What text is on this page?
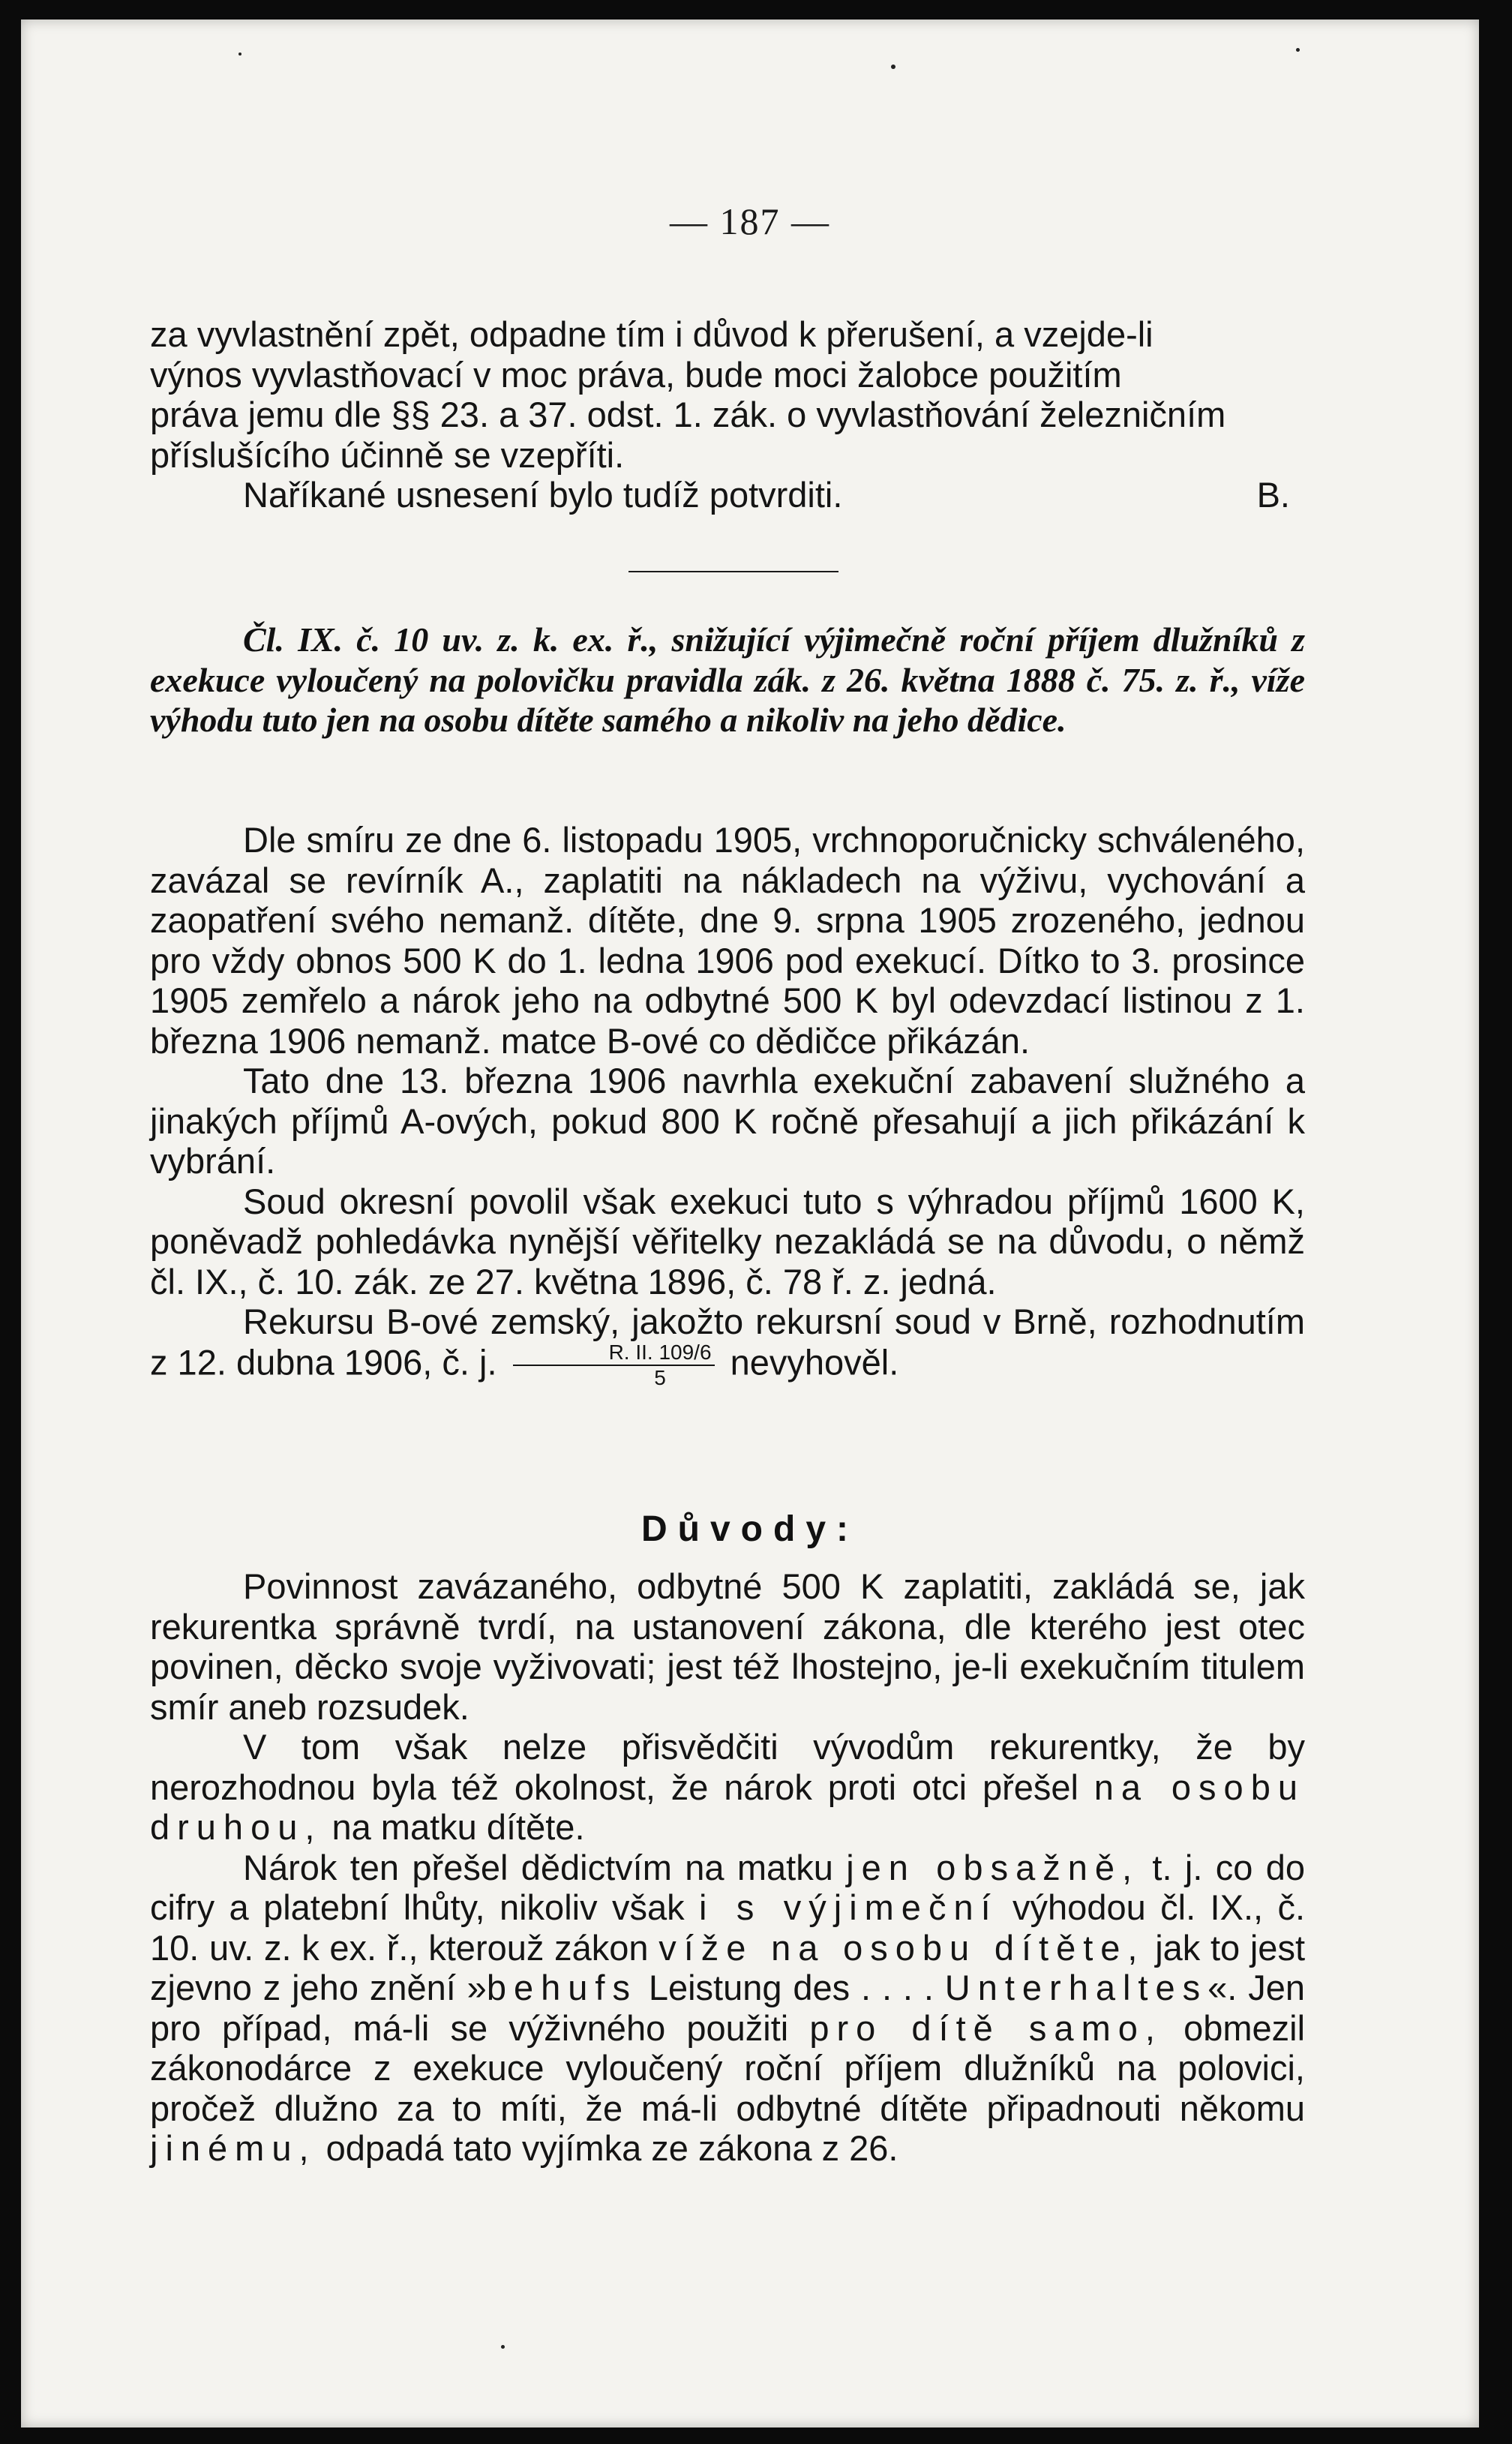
— 187 —

za vyvlastnění zpět, odpadne tím i důvod k přerušení, a vzejde-li

výnos vyvlastňovací v moc práva, bude moci žalobce použitím

práva jemu dle §§ 23. a 37. odst. 1. zák. o vyvlastňování železničním

příslušícího účinně se vzepříti.

Naříkané usnesení bylo tudíž potvrditi.	B.

Čl. IX. č. 10 uv. z. k. ex. ř., snižující výjimečně roční příjem dlužníků z exekuce vyloučený na polovičku pravidla zák. z 26. května 1888 č. 75. z. ř., víže výhodu tuto jen na osobu dítěte samého a nikoliv na jeho dědice.

Dle smíru ze dne 6. listopadu 1905, vrchnoporučnicky schváleného, zavázal se revírník A., zaplatiti na nákladech na výživu, vychování a zaopatření svého nemanž. dítěte, dne 9. srpna 1905 zrozeného, jednou pro vždy obnos 500 K do 1. ledna 1906 pod exekucí. Dítko to 3. prosince 1905 zemřelo a nárok jeho na odbytné 500 K byl odevzdací listinou z 1. března 1906 nemanž. matce B-ové co dědičce přikázán.

Tato dne 13. března 1906 navrhla exekuční zabavení služného a jinakých příjmů A-ových, pokud 800 K ročně přesahují a jich přikázání k vybrání.

Soud okresní povolil však exekuci tuto s výhradou příjmů 1600 K, poněvadž pohledávka nynější věřitelky nezakládá se na důvodu, o němž čl. IX., č. 10. zák. ze 27. května 1896, č. 78 ř. z. jedná.

Rekursu B-ové zemský, jakožto rekursní soud v Brně, rozhodnutím z 12. dubna 1906, č. j. $\frac{R. II. 109/6}{5}$ nevyhověl.

Důvody:

Povinnost zavázaného, odbytné 500 K zaplatiti, zakládá se, jak rekurentka správně tvrdí, na ustanovení zákona, dle kterého jest otec povinen, děcko svoje vyživovati; jest též lhostejno, je-li exekučním titulem smír aneb rozsudek.

V tom však nelze přisvědčiti vývodům rekurentky, že by nerozhodnou byla též okolnost, že nárok proti otci přešel na osobu druhou, na matku dítěte.

Nárok ten přešel dědictvím na matku jen obsažně, t. j. co do cifry a platební lhůty, nikoliv však i s výjimeční výhodou čl. IX., č. 10. uv. z. k ex. ř., kterouž zákon víže na osobu dítěte, jak to jest zjevno z jeho znění »behufs Leistung des . . . . Unterhaltes«. Jen pro případ, má-li se výživného použiti pro dítě samo, obmezil zákonodárce z exekuce vyloučený roční příjem dlužníků na polovici, pročež dlužno za to míti, že má-li odbytné dítěte připadnouti někomu jinému, odpadá tato vyjímka ze zákona z 26.
